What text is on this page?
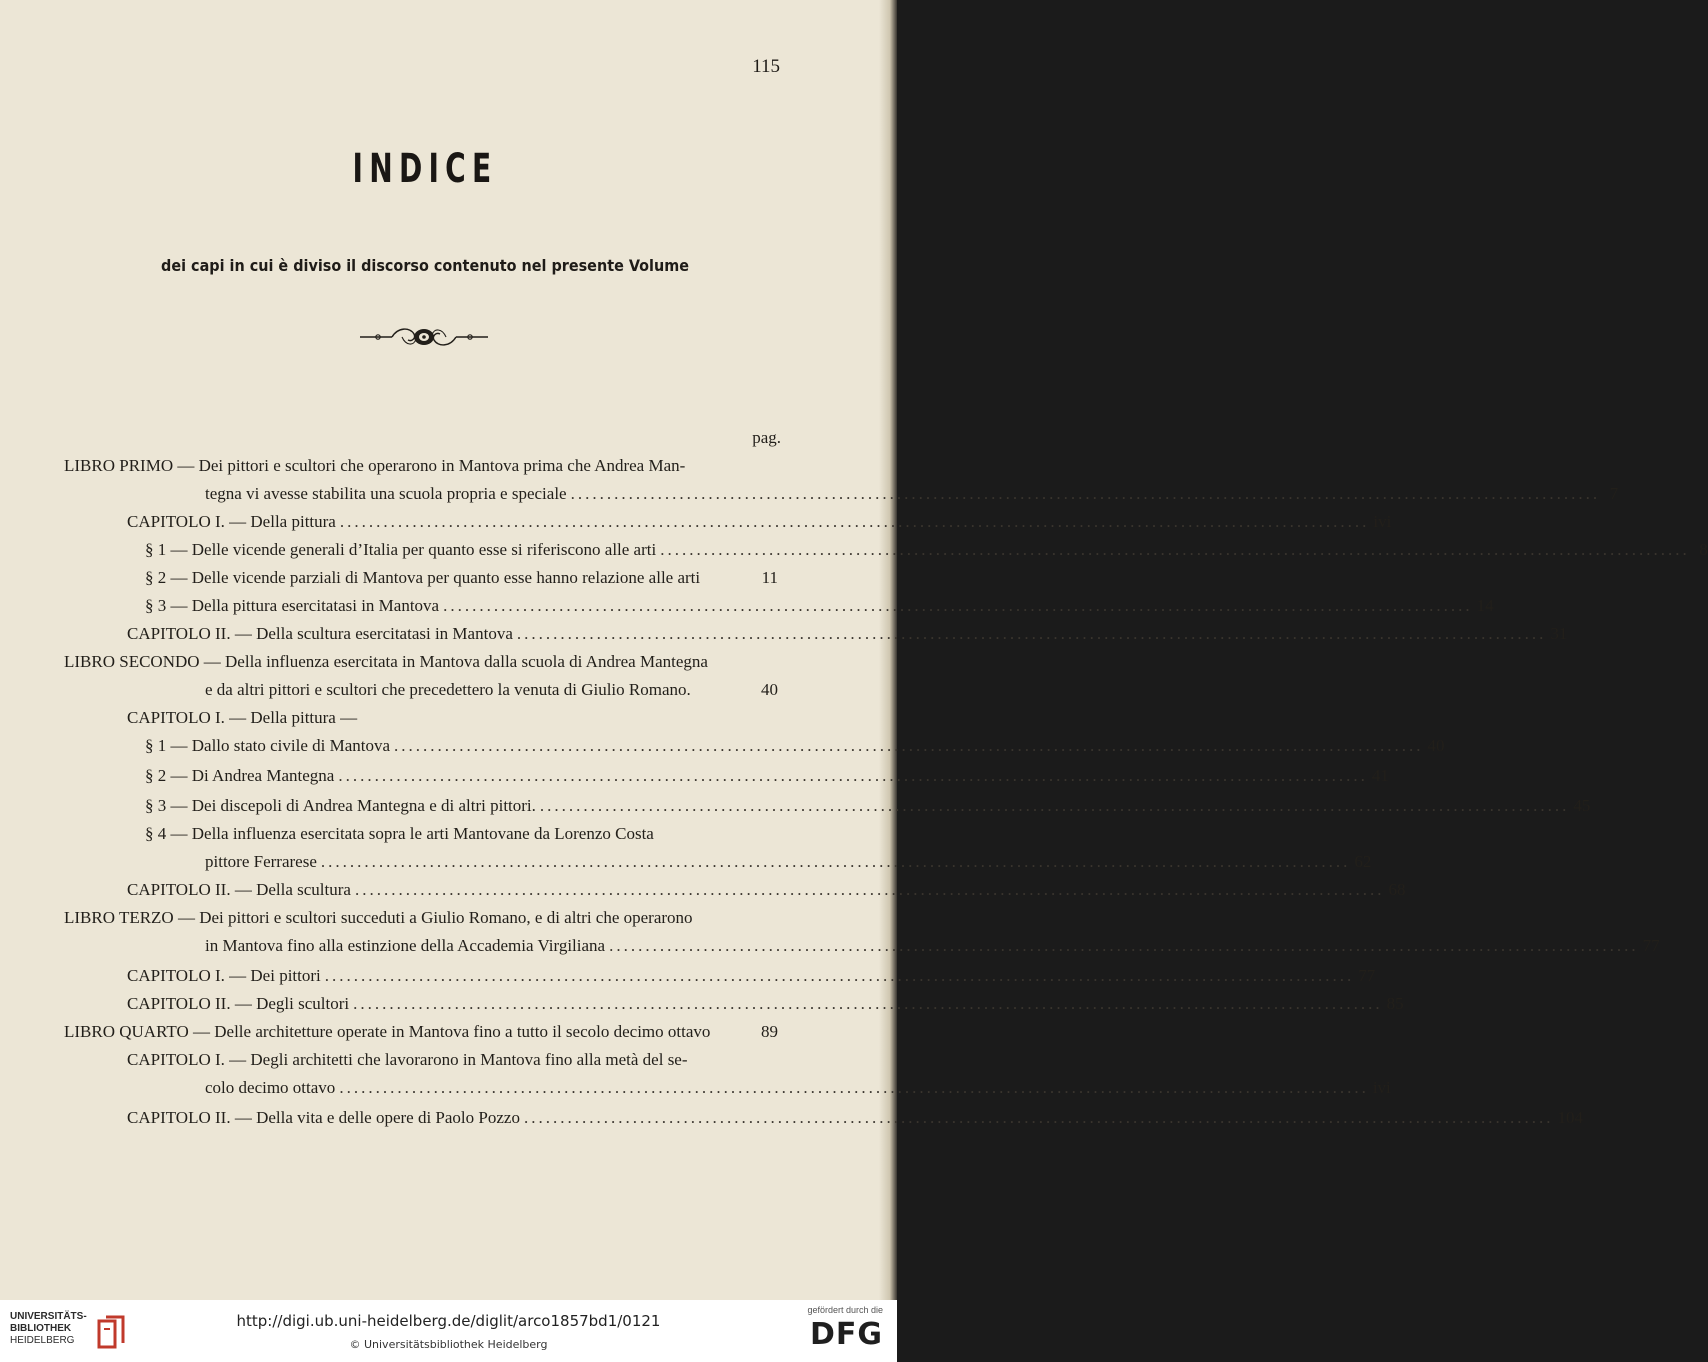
115
INDICE
dei capi in cui è diviso il discorso contenuto nel presente Volume
pag.
LIBRO PRIMO — Dei pittori e scultori che operarono in Mantova prima che Andrea Man-
tegna vi avesse stabilita una scuola propria e speciale .............................................................................................................................................. 7
CAPITOLO I. — Della pittura .............................................................................................................................................. ivi
§ 1 — Delle vicende generali d’Italia per quanto esse si riferiscono alle arti .............................................................................................................................................. 8
§ 2 — Delle vicende parziali di Mantova per quanto esse hanno relazione alle arti	11
§ 3 — Della pittura esercitatasi in Mantova .............................................................................................................................................. 14
CAPITOLO II. — Della scultura esercitatasi in Mantova .............................................................................................................................................. 31
LIBRO SECONDO — Della influenza esercitata in Mantova dalla scuola di Andrea Mantegna
e da altri pittori e scultori che precedettero la venuta di Giulio Romano.	40
CAPITOLO I. — Della pittura —
§ 1 — Dallo stato civile di Mantova .............................................................................................................................................. 40
§ 2 — Di Andrea Mantegna .............................................................................................................................................. 41
§ 3 — Dei discepoli di Andrea Mantegna e di altri pittori. .............................................................................................................................................. 45
§ 4 — Della influenza esercitata sopra le arti Mantovane da Lorenzo Costa
pittore Ferrarese .............................................................................................................................................. 62
CAPITOLO II. — Della scultura .............................................................................................................................................. 68
LIBRO TERZO — Dei pittori e scultori succeduti a Giulio Romano, e di altri che operarono
in Mantova fino alla estinzione della Accademia Virgiliana .............................................................................................................................................. 77
CAPITOLO I. — Dei pittori .............................................................................................................................................. 77
CAPITOLO II. — Degli scultori .............................................................................................................................................. 85
LIBRO QUARTO — Delle architetture operate in Mantova fino a tutto il secolo decimo ottavo	89
CAPITOLO I. — Degli architetti che lavorarono in Mantova fino alla metà del se-
colo decimo ottavo .............................................................................................................................................. ivi
CAPITOLO II. — Della vita e delle opere di Paolo Pozzo .............................................................................................................................................. 104
UNIVERSITÄTS-
BIBLIOTHEK
HEIDELBERG
http://digi.ub.uni-heidelberg.de/diglit/arco1857bd1/0121
© Universitätsbibliothek Heidelberg
gefördert durch die
DFG
